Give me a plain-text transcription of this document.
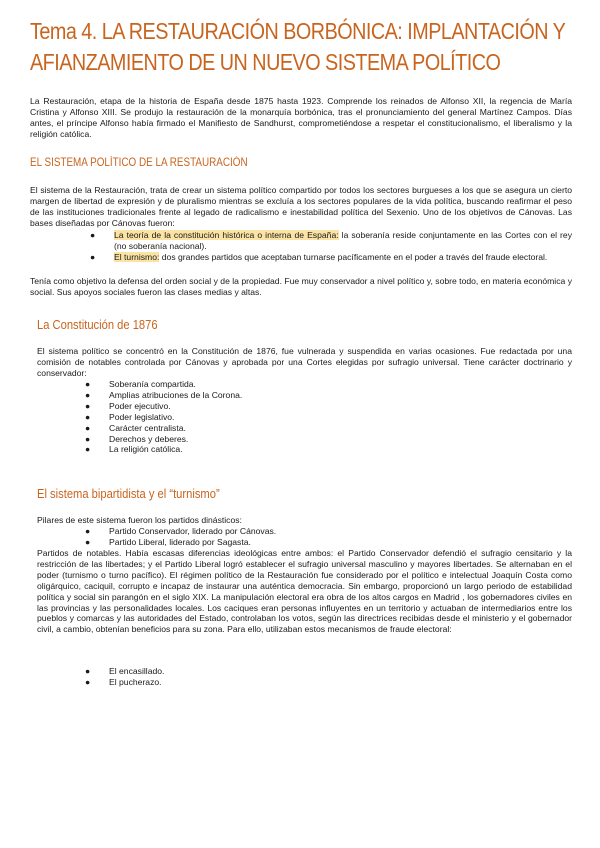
Tema 4. LA RESTAURACIÓN BORBÓNICA: IMPLANTACIÓN Y
AFIANZAMIENTO DE UN NUEVO SISTEMA POLÍTICO
La Restauración, etapa de la historia de España desde 1875 hasta 1923. Comprende los reinados de Alfonso XII, la regencia de María Cristina y Alfonso XIII. Se produjo la restauración de la monarquía borbónica, tras el pronunciamiento del general Martínez Campos. Días antes, el príncipe Alfonso había firmado el Manifiesto de Sandhurst, comprometiéndose a respetar el constitucionalismo, el liberalismo y la religión católica.
EL SISTEMA POLÍTICO DE LA RESTAURACIÓN
El sistema de la Restauración, trata de crear un sistema político compartido por todos los sectores burgueses a los que se asegura un cierto margen de libertad de expresión y de pluralismo mientras se excluía a los sectores populares de la vida política, buscando reafirmar el peso de las instituciones tradicionales frente al legado de radicalismo e inestabilidad política del Sexenio. Uno de los objetivos de Cánovas. Las bases diseñadas por Cánovas fueron:
● La teoría de la constitución histórica o interna de España: la soberanía reside conjuntamente en las Cortes con el rey (no soberanía nacional).
● El turnismo: dos grandes partidos que aceptaban turnarse pacíficamente en el poder a través del fraude electoral.
Tenía como objetivo la defensa del orden social y de la propiedad. Fue muy conservador a nivel político y, sobre todo, en materia económica y social. Sus apoyos sociales fueron las clases medias y altas.
La Constitución de 1876
El sistema político se concentró en la Constitución de 1876, fue vulnerada y suspendida en varias ocasiones. Fue redactada por una comisión de notables controlada por Cánovas y aprobada por una Cortes elegidas por sufragio universal. Tiene carácter doctrinario y conservador:
● Soberanía compartida.
● Amplias atribuciones de la Corona.
● Poder ejecutivo.
● Poder legislativo.
● Carácter centralista.
● Derechos y deberes.
● La religión católica.
El sistema bipartidista y el “turnismo”
Pilares de este sistema fueron los partidos dinásticos:
● Partido Conservador, liderado por Cánovas.
● Partido Liberal, liderado por Sagasta.
Partidos de notables. Había escasas diferencias ideológicas entre ambos: el Partido Conservador defendió el sufragio censitario y la restricción de las libertades; y el Partido Liberal logró establecer el sufragio universal masculino y mayores libertades. Se alternaban en el poder (turnismo o turno pacífico). El régimen político de la Restauración fue considerado por el político e intelectual Joaquín Costa como oligárquico, caciquil, corrupto e incapaz de instaurar una auténtica democracia. Sin embargo, proporcionó un largo periodo de estabilidad política y social sin parangón en el siglo XIX. La manipulación electoral era obra de los altos cargos en Madrid , los gobernadores civiles en las provincias y las personalidades locales. Los caciques eran personas influyentes en un territorio y actuaban de intermediarios entre los pueblos y comarcas y las autoridades del Estado, controlaban los votos, según las directrices recibidas desde el ministerio y el gobernador civil, a cambio, obtenían beneficios para su zona. Para ello, utilizaban estos mecanismos de fraude electoral:
● El encasillado.
● El pucherazo.
